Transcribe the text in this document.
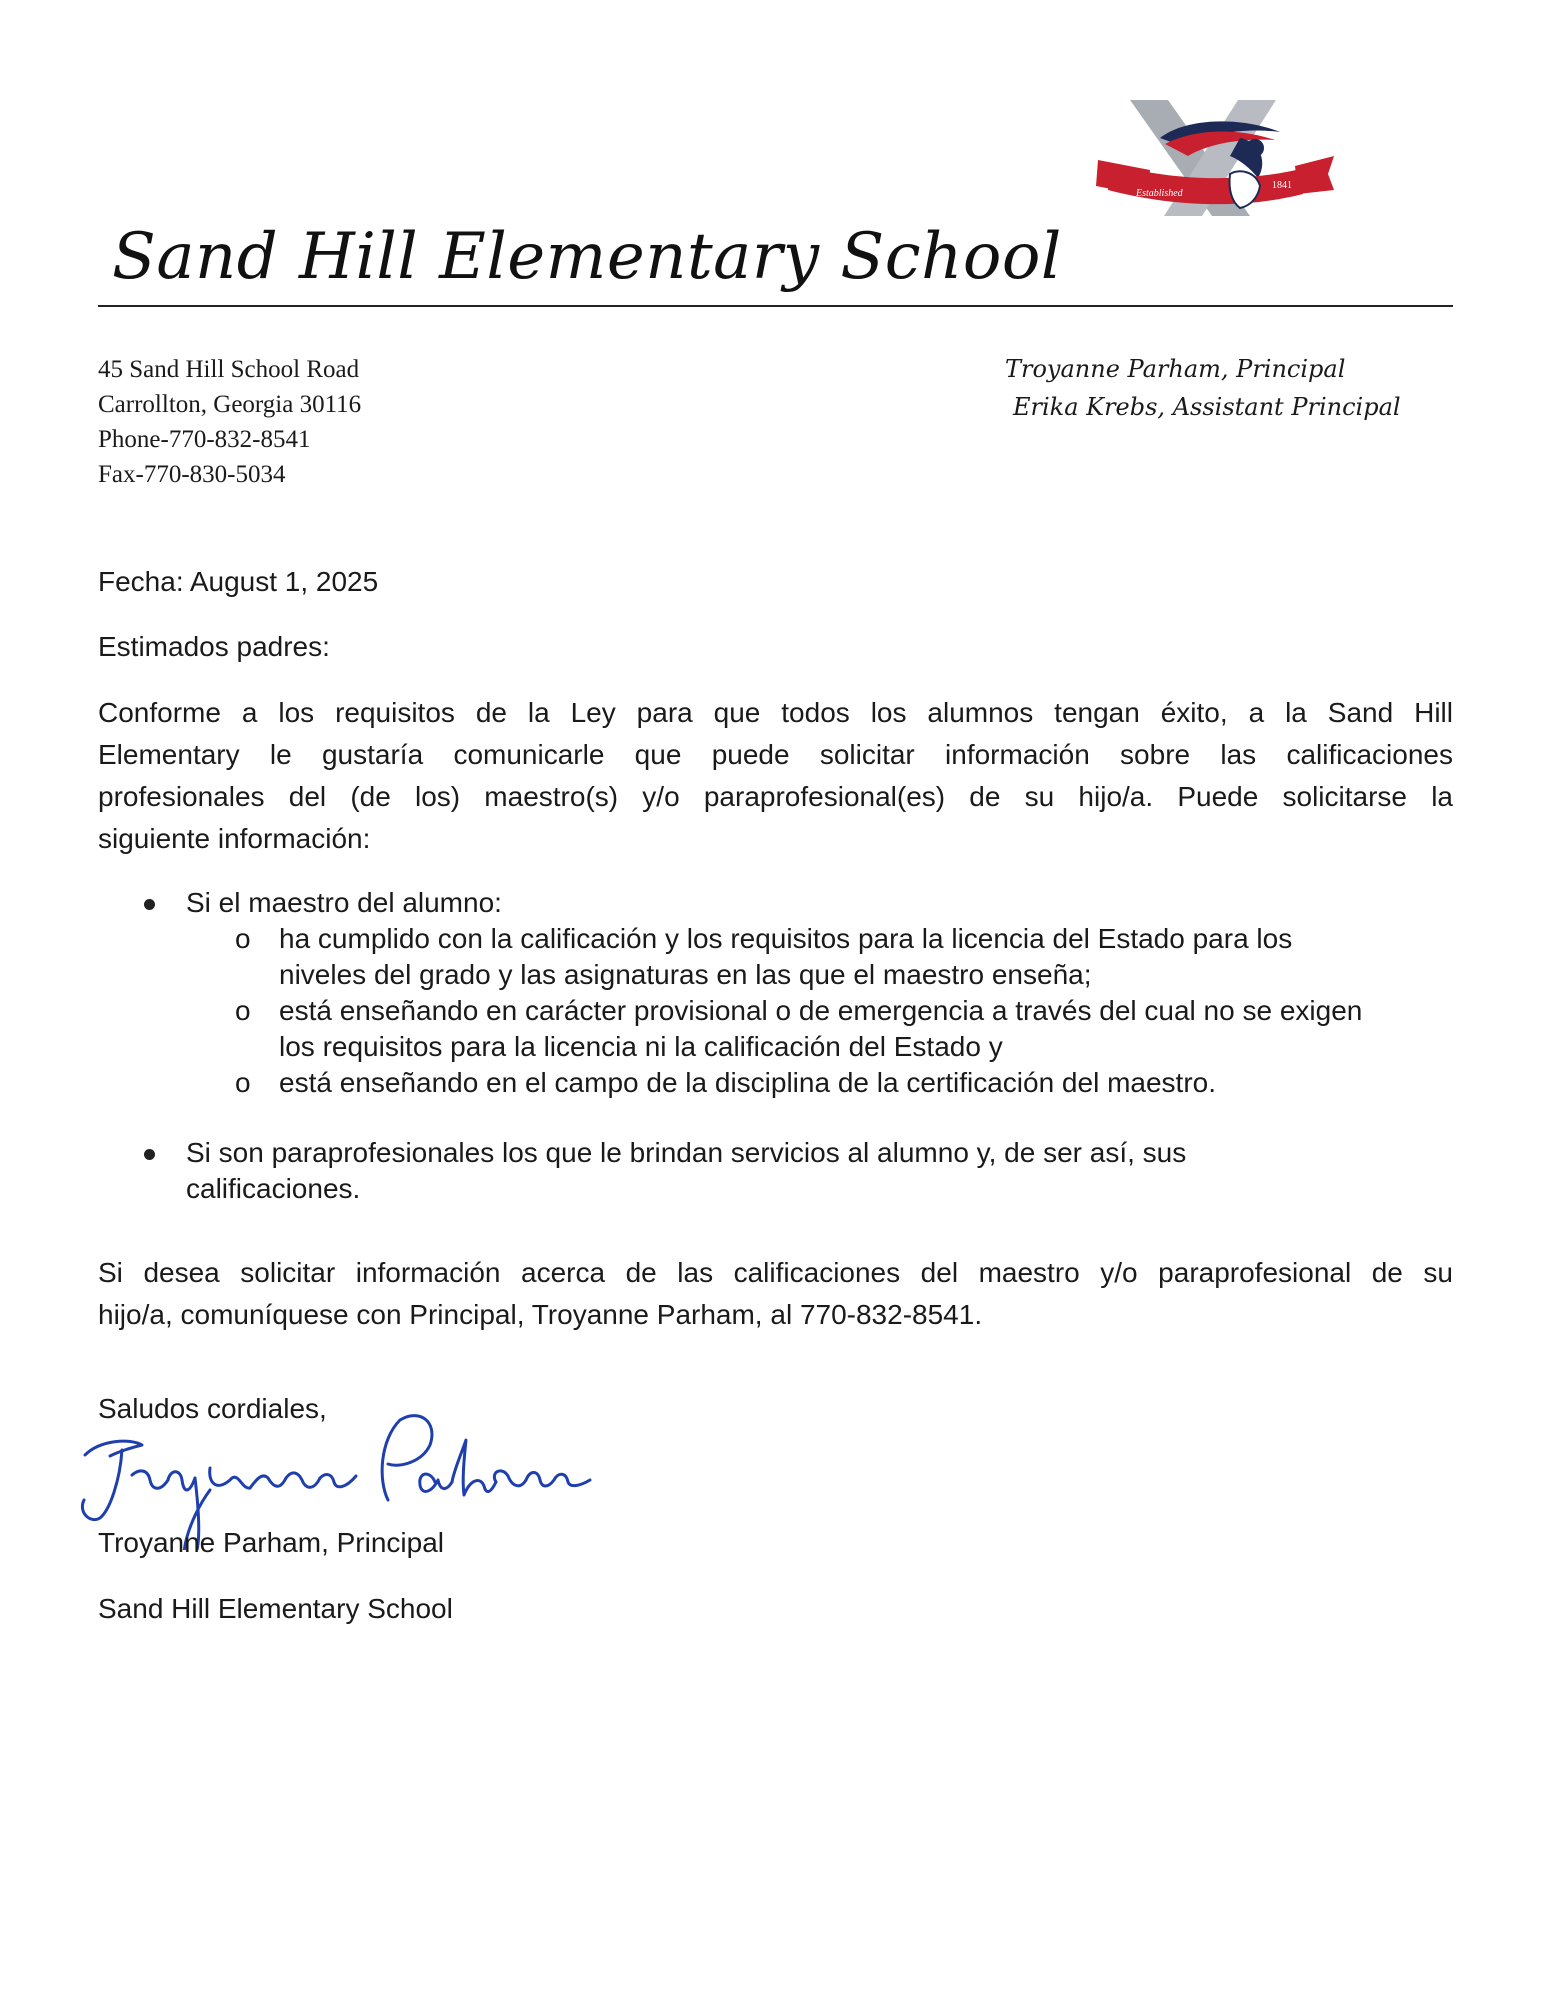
Established
1841
Sand Hill Elementary School
45 Sand Hill School Road
Carrollton, Georgia 30116
Phone-770-832-8541
Fax-770-830-5034
Troyanne Parham, Principal
Erika Krebs, Assistant Principal
Fecha: August 1, 2025
Estimados padres:
Conforme a los requisitos de la Ley para que todos los alumnos tengan éxito, a la Sand Hill
Elementary le gustaría comunicarle que puede solicitar información sobre las calificaciones
profesionales del (de los) maestro(s) y/o paraprofesional(es) de su hijo/a. Puede solicitarse la
siguiente información:
Si el maestro del alumno:
o ha cumplido con la calificación y los requisitos para la licencia del Estado para los
niveles del grado y las asignaturas en las que el maestro enseña;
o está enseñando en carácter provisional o de emergencia a través del cual no se exigen
los requisitos para la licencia ni la calificación del Estado y
o está enseñando en el campo de la disciplina de la certificación del maestro.
Si son paraprofesionales los que le brindan servicios al alumno y, de ser así, sus
calificaciones.
Si desea solicitar información acerca de las calificaciones del maestro y/o paraprofesional de su
hijo/a, comuníquese con Principal, Troyanne Parham, al 770-832-8541.
Saludos cordiales,
Troyanne Parham, Principal
Sand Hill Elementary School
